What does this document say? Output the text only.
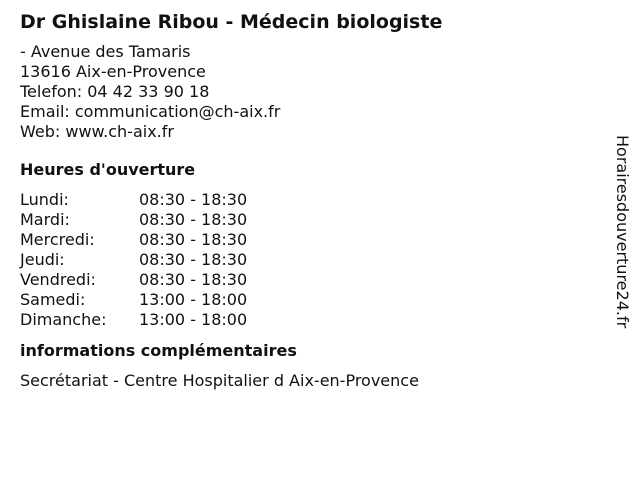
Dr Ghislaine Ribou - Médecin biologiste
- Avenue des Tamaris
13616 Aix-en-Provence
Telefon: 04 42 33 90 18
Email: communication@ch-aix.fr
Web: www.ch-aix.fr
Heures d'ouverture
Lundi:	08:30 - 18:30
Mardi:	08:30 - 18:30
Mercredi:	08:30 - 18:30
Jeudi:	08:30 - 18:30
Vendredi:	08:30 - 18:30
Samedi:	13:00 - 18:00
Dimanche:	13:00 - 18:00
informations complémentaires
Secrétariat - Centre Hospitalier d Aix-en-Provence
Horairesdouverture24.fr
